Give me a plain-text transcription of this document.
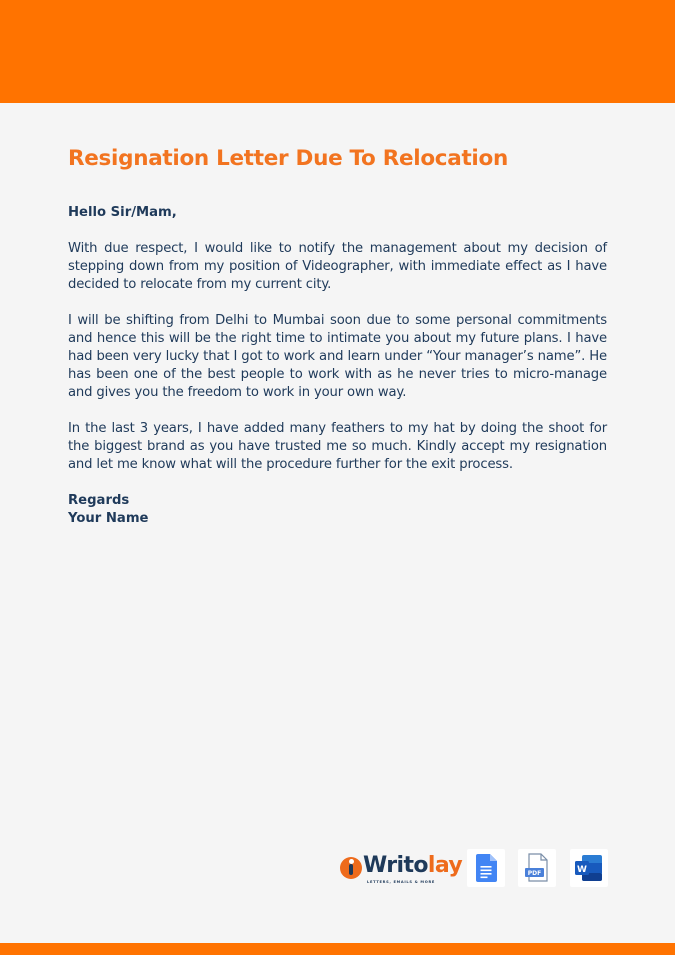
Resignation Letter Due To Relocation

Hello Sir/Mam,

With due respect, I would like to notify the management about my decision of stepping down from my position of Videographer, with immediate effect as I have decided to relocate from my current city.

I will be shifting from Delhi to Mumbai soon due to some personal commitments and hence this will be the right time to intimate you about my future plans. I have had been very lucky that I got to work and learn under “Your manager’s name”. He has been one of the best people to work with as he never tries to micro-manage and gives you the freedom to work in your own way.

In the last 3 years, I have added many feathers to my hat by doing the shoot for the biggest brand as you have trusted me so much. Kindly accept my resignation and let me know what will the procedure further for the exit process.

Regards
Your Name

Writolay
LETTERS, EMAILS & MORE
PDF	W
